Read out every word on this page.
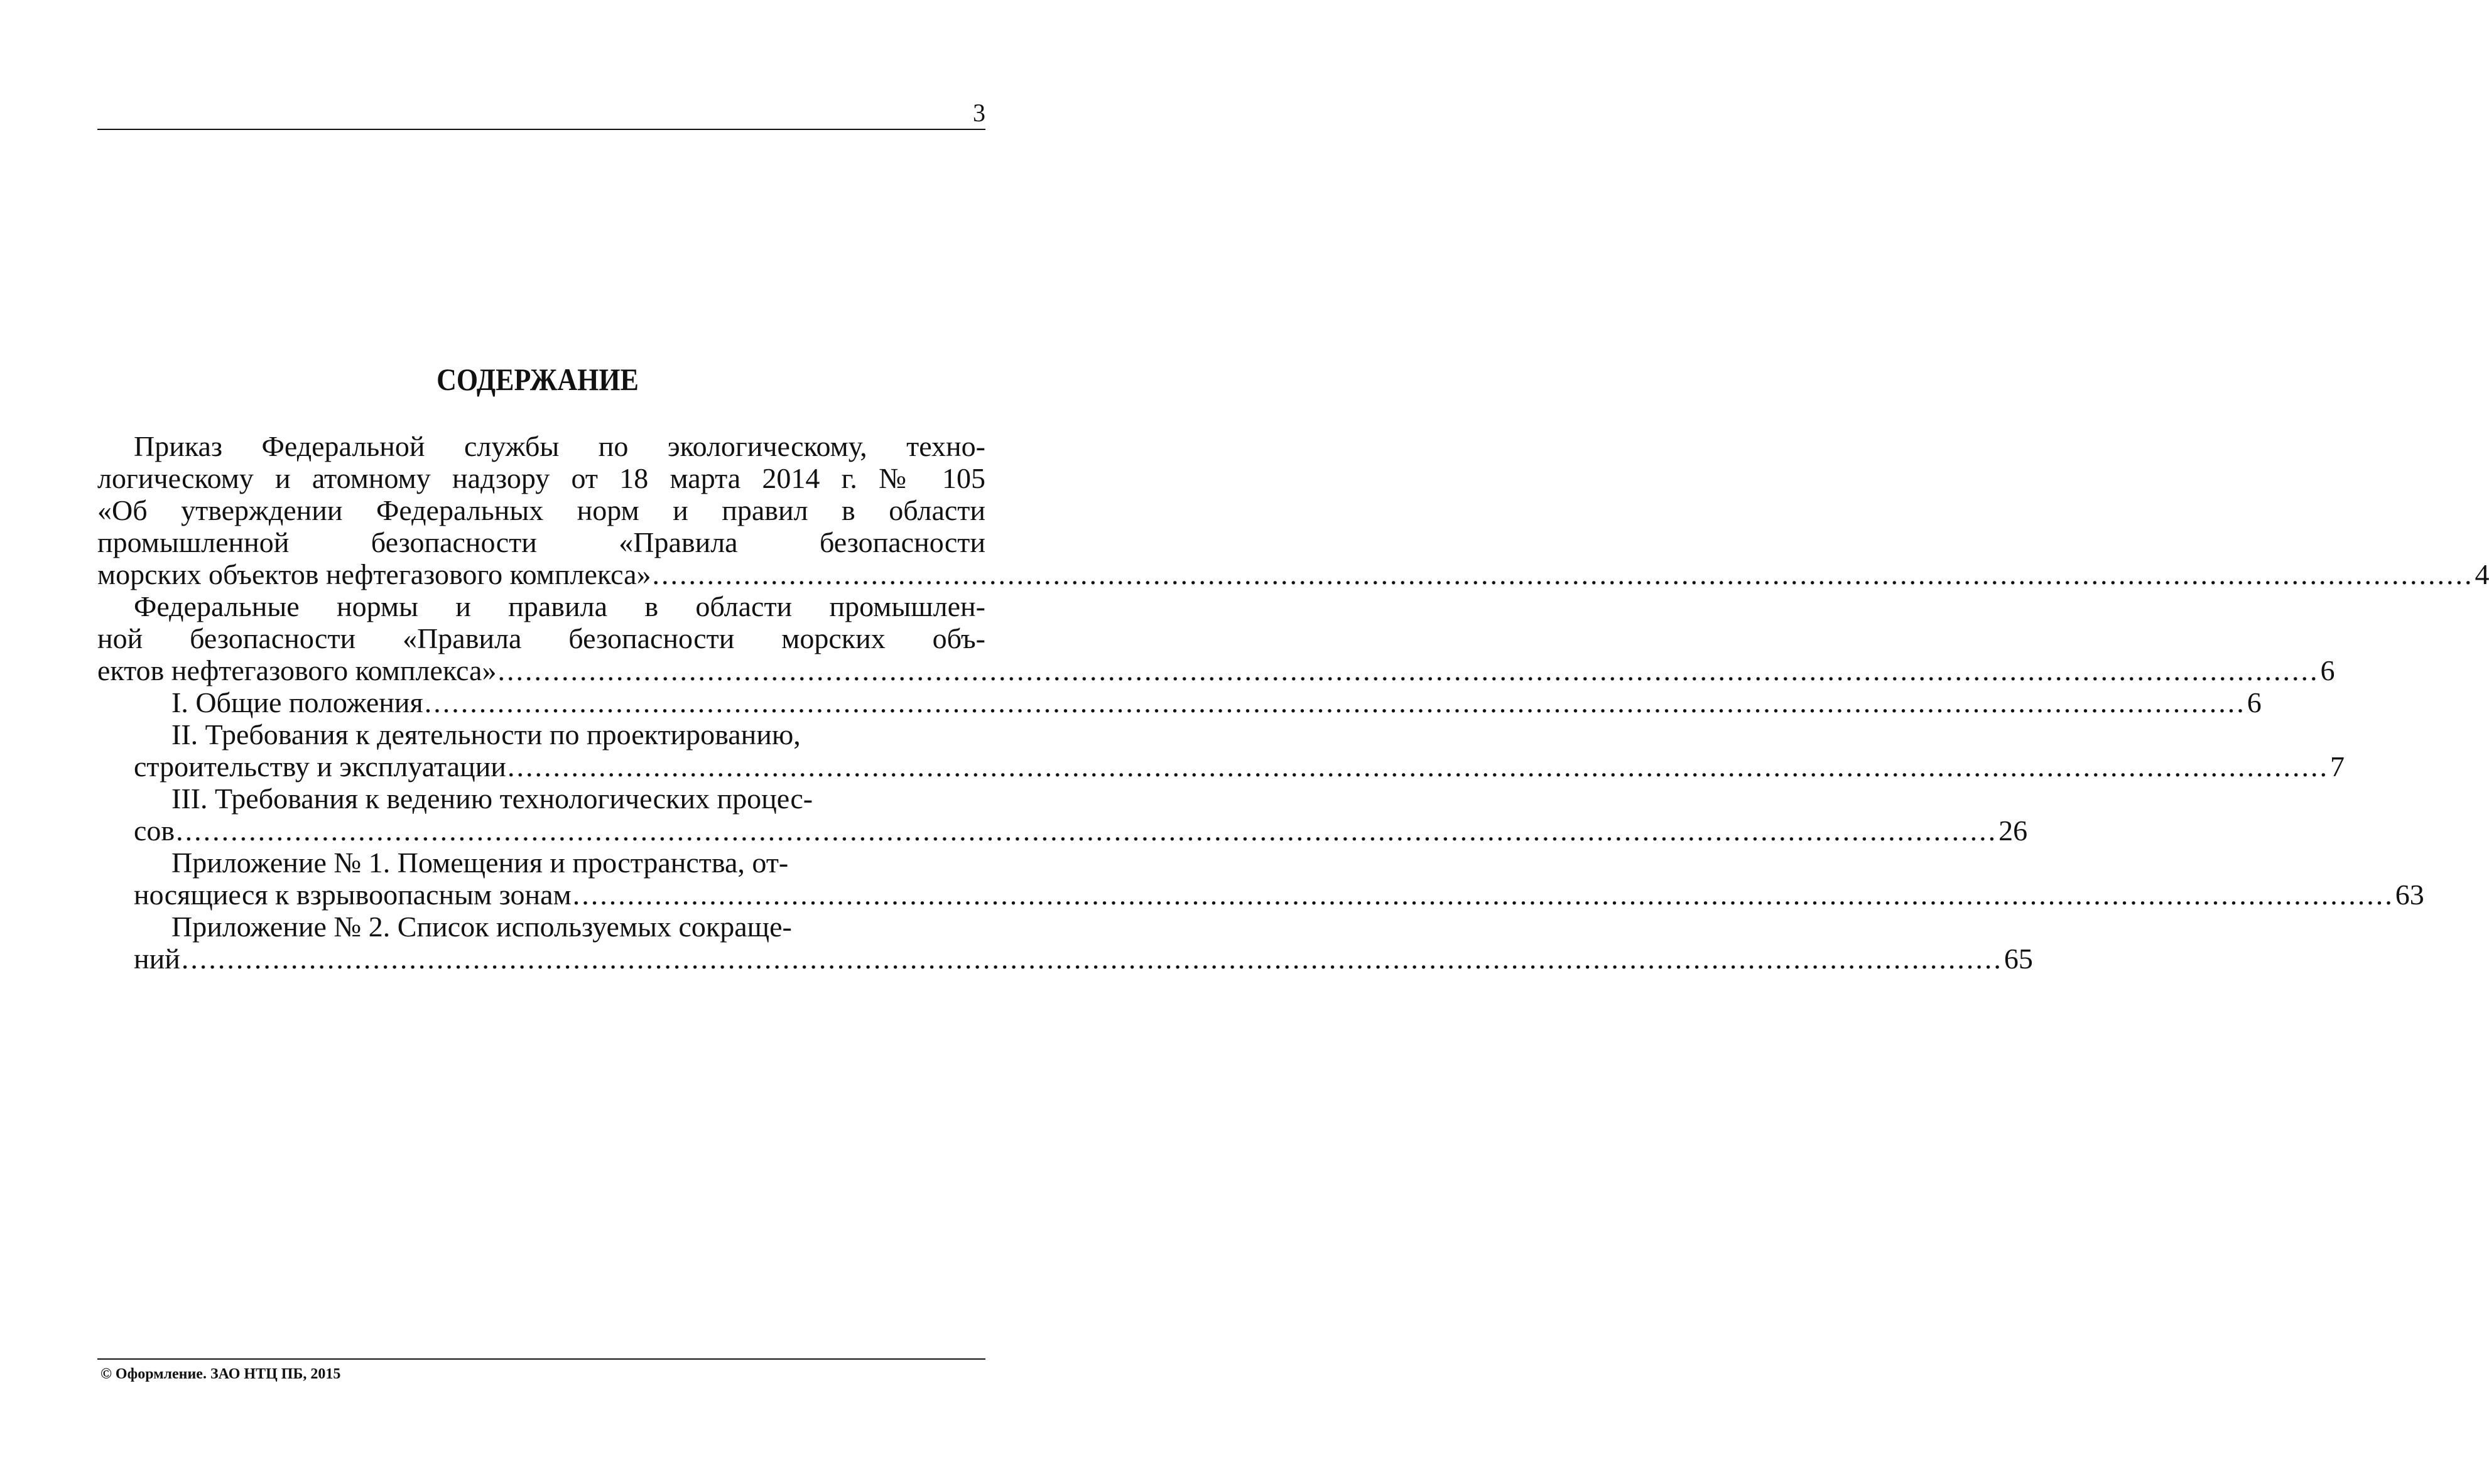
3
СОДЕРЖАНИЕ
Приказ Федеральной службы по экологическому, техно-
логическому и атомному надзору от 18 марта 2014 г. № 105
«Об утверждении Федеральных норм и правил в области
промышленной безопасности «Правила безопасности
морских объектов нефтегазового комплекса» ........................................................................................................................................................................................................ 4
Федеральные нормы и правила в области промышлен-
ной безопасности «Правила безопасности морских объ-
ектов нефтегазового комплекса» ........................................................................................................................................................................................................ 6
I. Общие положения ........................................................................................................................................................................................................ 6
II. Требования к деятельности по проектированию,
строительству и эксплуатации ........................................................................................................................................................................................................ 7
III. Требования к ведению технологических процес-
сов ........................................................................................................................................................................................................ 26
Приложение № 1. Помещения и пространства, от-
носящиеся к взрывоопасным зонам ........................................................................................................................................................................................................ 63
Приложение № 2. Список используемых сокраще-
ний ........................................................................................................................................................................................................ 65
© Оформление. ЗАО НТЦ ПБ, 2015
